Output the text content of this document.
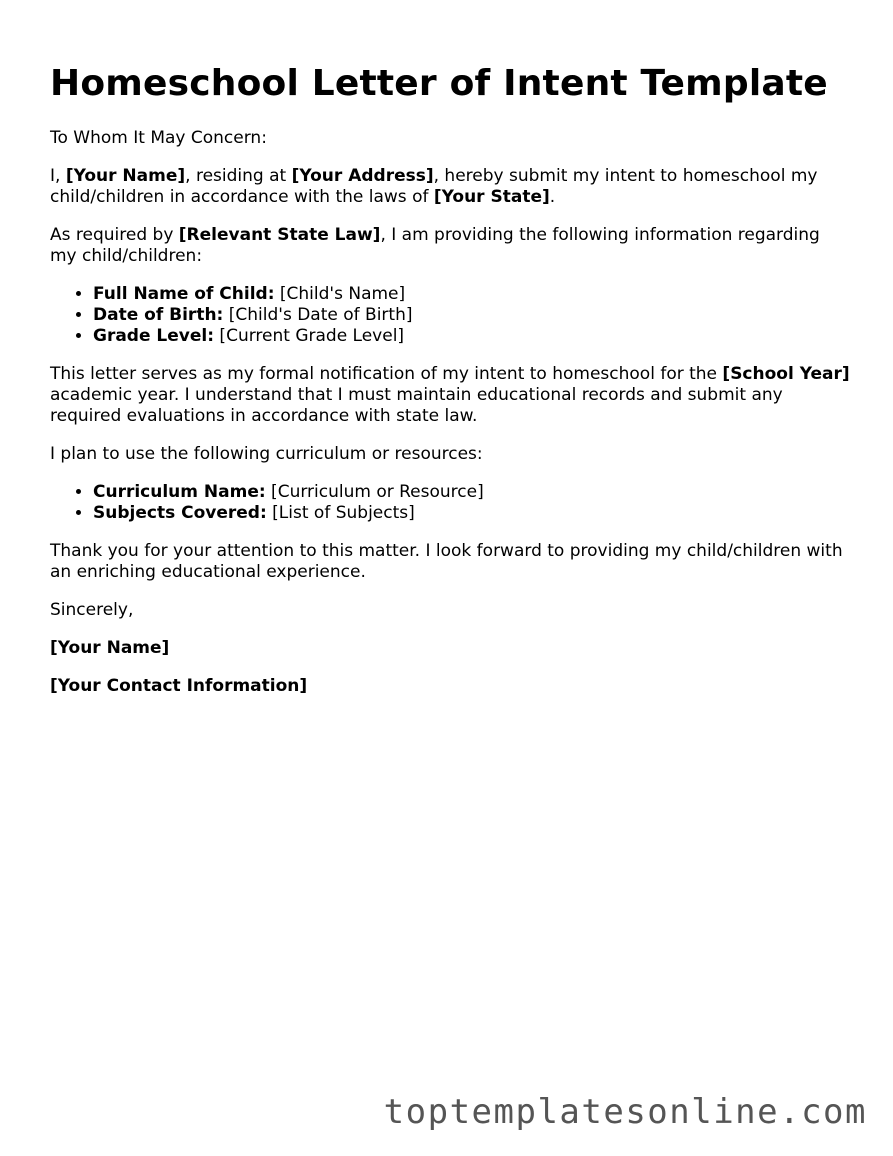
Homeschool Letter of Intent Template

To Whom It May Concern:

I, [Your Name], residing at [Your Address], hereby submit my intent to homeschool my child/children in accordance with the laws of [Your State].

As required by [Relevant State Law], I am providing the following information regarding my child/children:

• Full Name of Child: [Child's Name]
• Date of Birth: [Child's Date of Birth]
• Grade Level: [Current Grade Level]

This letter serves as my formal notification of my intent to homeschool for the [School Year] academic year. I understand that I must maintain educational records and submit any required evaluations in accordance with state law.

I plan to use the following curriculum or resources:

• Curriculum Name: [Curriculum or Resource]
• Subjects Covered: [List of Subjects]

Thank you for your attention to this matter. I look forward to providing my child/children with an enriching educational experience.

Sincerely,

[Your Name]

[Your Contact Information]

toptemplatesonline.com
